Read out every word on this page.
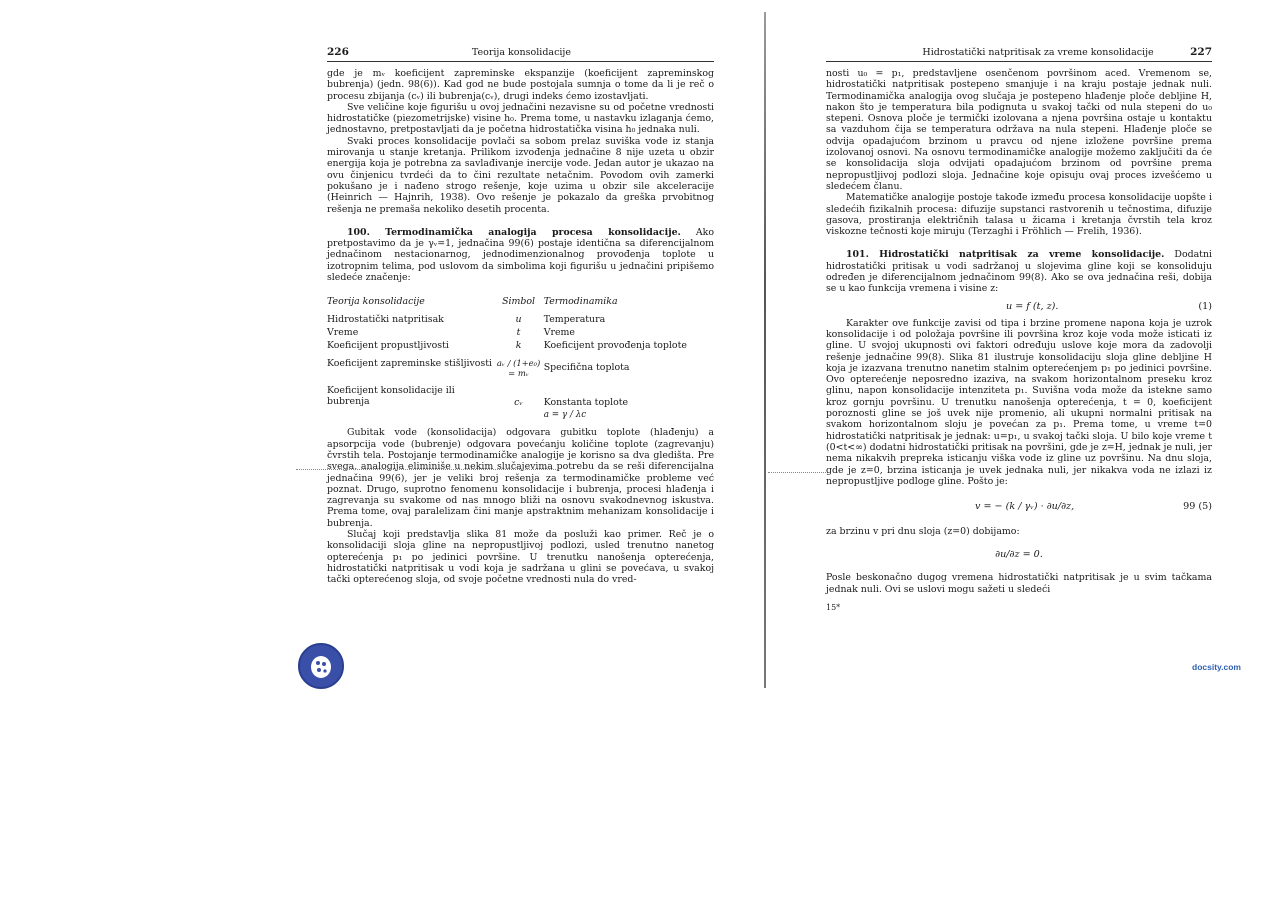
226	Teorija konsolidacije

gde je mᵥ koeficijent zapreminske ekspanzije (koeficijent zapreminskog bubrenja) (jedn. 98(6)). Kad god ne bude postojala sumnja o tome da li je reč o procesu zbijanja (cᵥ) ili bubrenja(cᵥ), drugi indeks ćemo izostavljati.

Sve veličine koje figurišu u ovoj jednačini nezavisne su od početne vrednosti hidrostatičke (piezometrijske) visine h₀. Prema tome, u nastavku izlaganja ćemo, jednostavno, pretpostavljati da je početna hidrostatička visina h₀ jednaka nuli.

Svaki proces konsolidacije povlači sa sobom prelaz suviška vode iz stanja mirovanja u stanje kretanja. Prilikom izvođenja jednačine 8 nije uzeta u obzir energija koja je potrebna za savlađivanje inercije vode. Jedan autor je ukazao na ovu činjenicu tvrdeći da to čini rezultate netačnim. Povodom ovih zamerki pokušano je i nađeno strogo rešenje, koje uzima u obzir sile akceleracije (Heinrich — Hajnrih, 1938). Ovo rešenje je pokazalo da greška prvobitnog rešenja ne premaša nekoliko desetih procenta.

100. Termodinamička analogija procesa konsolidacije. Ako pretpostavimo da je γᵥ=1, jednačina 99(6) postaje identična sa diferencijalnom jednačinom nestacionarnog, jednodimenzionalnog provođenja toplote u izotropnim telima, pod uslovom da simbolima koji figurišu u jednačini pripišemo sledeće značenje:

Teorija konsolidacije	Simbol	Termodinamika
Hidrostatički natpritisak	u	Temperatura
Vreme	t	Vreme
Koeficijent propustljivosti	k	Koeficijent provođenja toplote
Koeficijent zapreminske stišljivosti	aᵥ / (1+e₀) = mᵥ	Specifična toplota
Koeficijent konsolidacije ili bubrenja	cᵥ	Konstanta toplote
		a = γ / λc

Gubitak vode (konsolidacija) odgovara gubitku toplote (hlađenju) a apsorpcija vode (bubrenje) odgovara povećanju količine toplote (zagrevanju) čvrstih tela. Postojanje termodinamičke analogije je korisno sa dva gledišta. Pre svega, analogija eliminiše u nekim slučajevima potrebu da se reši diferencijalna jednačina 99(6), jer je veliki broj rešenja za termodinamičke probleme već poznat. Drugo, suprotno fenomenu konsolidacije i bubrenja, procesi hlađenja i zagrevanja su svakome od nas mnogo bliži na osnovu svakodnevnog iskustva. Prema tome, ovaj paralelizam čini manje apstraktnim mehanizam konsolidacije i bubrenja.

Slučaj koji predstavlja slika 81 može da posluži kao primer. Reč je o konsolidaciji sloja gline na nepropustljivoj podlozi, usled trenutno nanetog opterećenja p₁ po jedinici površine. U trenutku nanošenja opterećenja, hidrostatički natpritisak u vodi koja je sadržana u glini se povećava, u svakoj tački opterećenog sloja, od svoje početne vrednosti nula do vred-

Hidrostatički natpritisak za vreme konsolidacije	227

nosti u₀ = p₁, predstavljene osenčenom površinom aced. Vremenom se, hidrostatički natpritisak postepeno smanjuje i na kraju postaje jednak nuli. Termodinamička analogija ovog slučaja je postepeno hlađenje ploče debljine H, nakon što je temperatura bila podignuta u svakoj tački od nula stepeni do u₀ stepeni. Osnova ploče je termički izolovana a njena površina ostaje u kontaktu sa vazduhom čija se temperatura održava na nula stepeni. Hlađenje ploče se odvija opadajućom brzinom u pravcu od njene izložene površine prema izolovanoj osnovi. Na osnovu termodinamičke analogije možemo zaključiti da će se konsolidacija sloja odvijati opadajućom brzinom od površine prema nepropustljivoj podlozi sloja. Jednačine koje opisuju ovaj proces izvešćemo u sledećem članu.

Matematičke analogije postoje takođe između procesa konsolidacije uopšte i sledećih fizikalnih procesa: difuzije supstanci rastvorenih u tečnostima, difuzije gasova, prostiranja električnih talasa u žicama i kretanja čvrstih tela kroz viskozne tečnosti koje miruju (Terzaghi i Fröhlich — Frelih, 1936).

101. Hidrostatički natpritisak za vreme konsolidacije. Dodatni hidrostatički pritisak u vodi sadržanoj u slojevima gline koji se konsoliduju određen je diferencijalnom jednačinom 99(8). Ako se ova jednačina reši, dobija se u kao funkcija vremena i visine z:

u = f (t, z).	(1)

Karakter ove funkcije zavisi od tipa i brzine promene napona koja je uzrok konsolidacije i od položaja površine ili površina kroz koje voda može isticati iz gline. U svojoj ukupnosti ovi faktori određuju uslove koje mora da zadovolji rešenje jednačine 99(8). Slika 81 ilustruje konsolidaciju sloja gline debljine H koja je izazvana trenutno nanetim stalnim opterećenjem p₁ po jedinici površine. Ovo opterećenje neposredno izaziva, na svakom horizontalnom preseku kroz glinu, napon konsolidacije intenziteta p₁. Suvišna voda može da istekne samo kroz gornju površinu. U trenutku nanošenja opterećenja, t = 0, koeficijent poroznosti gline se još uvek nije promenio, ali ukupni normalni pritisak na svakom horizontalnom sloju je povećan za p₁. Prema tome, u vreme t=0 hidrostatički natpritisak je jednak: u=p₁, u svakoj tački sloja. U bilo koje vreme t (0<t<∞) dodatni hidrostatički pritisak na površini, gde je z=H, jednak je nuli, jer nema nikakvih prepreka isticanju viška vode iz gline uz površinu. Na dnu sloja, gde je z=0, brzina isticanja je uvek jednaka nuli, jer nikakva voda ne izlazi iz nepropustljive podloge gline. Pošto je:

v = − (k / γᵥ) · ∂u/∂z,	99 (5)

za brzinu v pri dnu sloja (z=0) dobijamo:

∂u/∂z = 0.

Posle beskonačno dugog vremena hidrostatički natpritisak je u svim tačkama jednak nuli. Ovi se uslovi mogu sažeti u sledeći

15*
docsity.com
